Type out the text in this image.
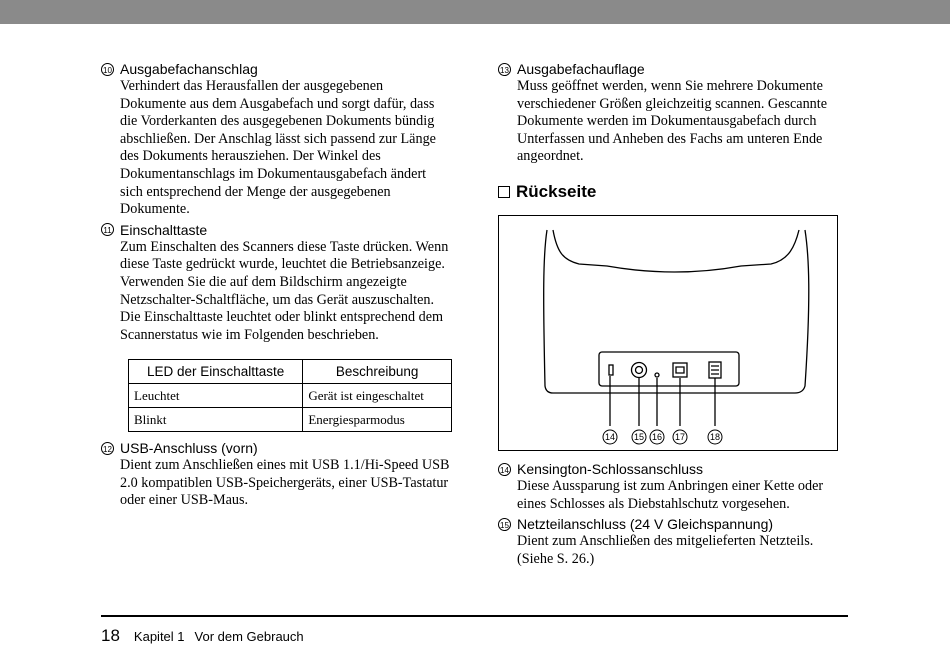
10 Ausgabefachanschlag
Verhindert das Herausfallen der ausgegebenen
Dokumente aus dem Ausgabefach und sorgt dafür, dass
die Vorderkanten des ausgegebenen Dokuments bündig
abschließen. Der Anschlag lässt sich passend zur Länge
des Dokuments herausziehen. Der Winkel des
Dokumentanschlags im Dokumentausgabefach ändert
sich entsprechend der Menge der ausgegebenen
Dokumente.
11 Einschalttaste
Zum Einschalten des Scanners diese Taste drücken. Wenn
diese Taste gedrückt wurde, leuchtet die Betriebsanzeige.
Verwenden Sie die auf dem Bildschirm angezeigte
Netzschalter-Schaltfläche, um das Gerät auszuschalten.
Die Einschalttaste leuchtet oder blinkt entsprechend dem
Scannerstatus wie im Folgenden beschrieben.
LED der Einschalttaste	Beschreibung
Leuchtet	Gerät ist eingeschaltet
Blinkt	Energiesparmodus
12 USB-Anschluss (vorn)
Dient zum Anschließen eines mit USB 1.1/Hi-Speed USB
2.0 kompatiblen USB-Speichergeräts, einer USB-Tastatur
oder einer USB-Maus.
13 Ausgabefachauflage
Muss geöffnet werden, wenn Sie mehrere Dokumente
verschiedener Größen gleichzeitig scannen. Gescannte
Dokumente werden im Dokumentausgabefach durch
Unterfassen und Anheben des Fachs am unteren Ende
angeordnet.
Rückseite
14 15 16 17	18
14 Kensington-Schlossanschluss
Diese Aussparung ist zum Anbringen einer Kette oder
eines Schlosses als Diebstahlschutz vorgesehen.
15 Netzteilanschluss (24 V Gleichspannung)
Dient zum Anschließen des mitgelieferten Netzteils.
(Siehe S. 26.)
18 Kapitel 1 Vor dem Gebrauch
